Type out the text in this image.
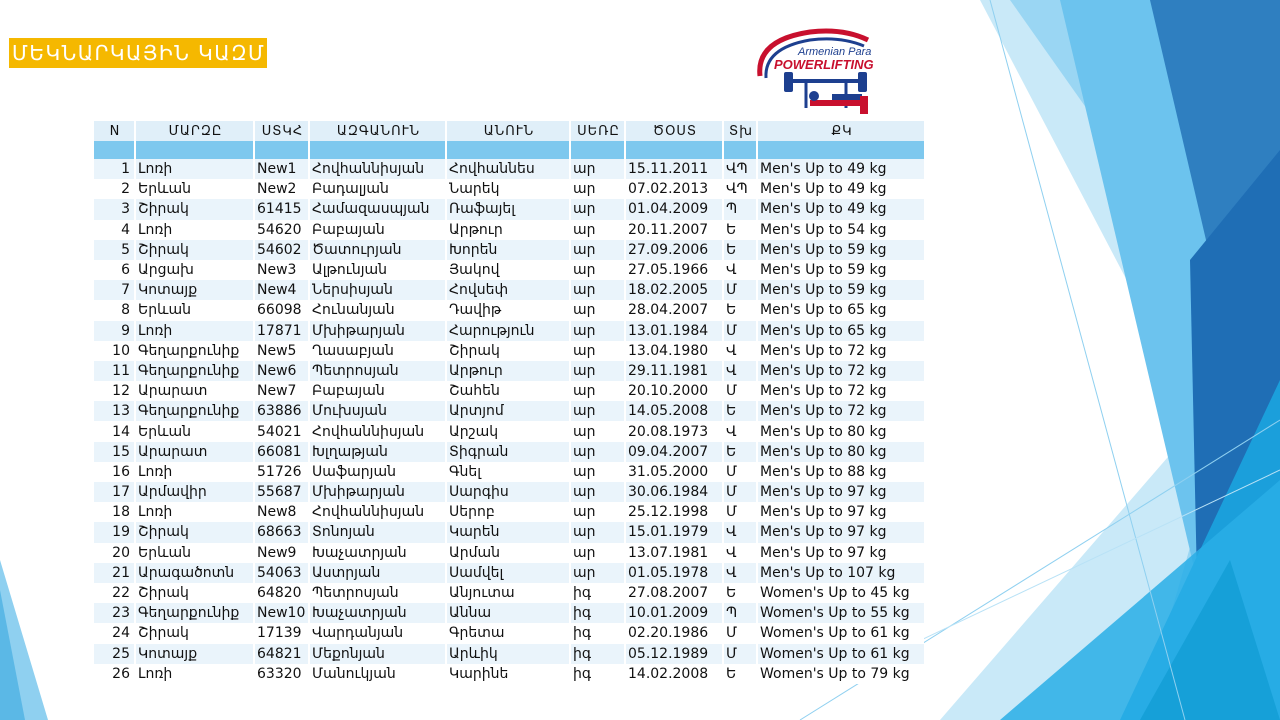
ՄԵԿՆԱՐԿԱՅԻՆ ԿԱԶՄ	Armenian Para
POWERLIFTING
N	ՄԱՐԶԸ	ՍՏԿՀ	ԱԶԳԱՆՈՒՆ	ԱՆՈՒՆ	ՍԵՌԸ	ԾՕՍՏ	Տխ	ՔԿ

1	Լոռի	New1	Հովհաննիսյան	Հովհաննես	ար	15.11.2011	ՎՊ	Men's Up to 49 kg
2	Երևան	New2	Բադալյան	Նարեկ	ար	07.02.2013	ՎՊ	Men's Up to 49 kg
3	Շիրակ	61415	Համազասպյան	Ռաֆայել	ար	01.04.2009	Պ	Men's Up to 49 kg
4	Լոռի	54620	Բաբայան	Արթուր	ար	20.11.2007	Ե	Men's Up to 54 kg
5	Շիրակ	54602	Ծատուրյան	Խորեն	ար	27.09.2006	Ե	Men's Up to 59 kg
6	Արցախ	New3	Ալթունյան	Յակով	ար	27.05.1966	Վ	Men's Up to 59 kg
7	Կոտայք	New4	Ներսիսյան	Հովսեփ	ար	18.02.2005	Մ	Men's Up to 59 kg
8	Երևան	66098	Հունանյան	Դավիթ	ար	28.04.2007	Ե	Men's Up to 65 kg
9	Լոռի	17871	Մխիթարյան	Հարություն	ար	13.01.1984	Մ	Men's Up to 65 kg
10	Գեղարքունիք	New5	Ղասաբյան	Շիրակ	ար	13.04.1980	Վ	Men's Up to 72 kg
11	Գեղարքունիք	New6	Պետրոսյան	Արթուր	ար	29.11.1981	Վ	Men's Up to 72 kg
12	Արարատ	New7	Բաբայան	Շահեն	ար	20.10.2000	Մ	Men's Up to 72 kg
13	Գեղարքունիք	63886	Մուխսյան	Արտյոմ	ար	14.05.2008	Ե	Men's Up to 72 kg
14	Երևան	54021	Հովհաննիսյան	Արշակ	ար	20.08.1973	Վ	Men's Up to 80 kg
15	Արարատ	66081	Խլղաթյան	Տիգրան	ար	09.04.2007	Ե	Men's Up to 80 kg
16	Լոռի	51726	Սաֆարյան	Գնել	ար	31.05.2000	Մ	Men's Up to 88 kg
17	Արմավիր	55687	Մխիթարյան	Սարգիս	ար	30.06.1984	Մ	Men's Up to 97 kg
18	Լոռի	New8	Հովհաննիսյան	Սերոբ	ար	25.12.1998	Մ	Men's Up to 97 kg
19	Շիրակ	68663	Տոնոյան	Կարեն	ար	15.01.1979	Վ	Men's Up to 97 kg
20	Երևան	New9	Խաչատրյան	Արման	ար	13.07.1981	Վ	Men's Up to 97 kg
21	Արագածոտն	54063	Աստրյան	Սամվել	ար	01.05.1978	Վ	Men's Up to 107 kg
22	Շիրակ	64820	Պետրոսյան	Անյուտա	իգ	27.08.2007	Ե	Women's Up to 45 kg
23	Գեղարքունիք	New10	Խաչատրյան	Աննա	իգ	10.01.2009	Պ	Women's Up to 55 kg
24	Շիրակ	17139	Վարդանյան	Գրետա	իգ	02.20.1986	Մ	Women's Up to 61 kg
25	Կոտայք	64821	Մեքոնյան	Արևիկ	իգ	05.12.1989	Մ	Women's Up to 61 kg
26	Լոռի	63320	Մանուկյան	Կարինե	իգ	14.02.2008	Ե	Women's Up to 79 kg
